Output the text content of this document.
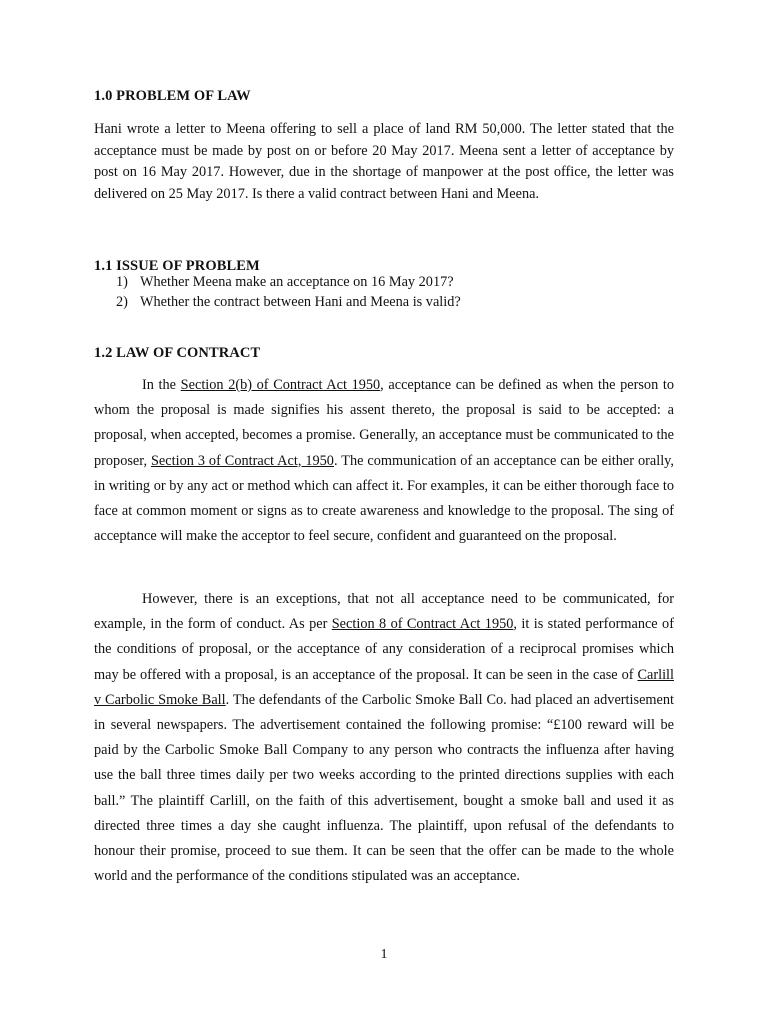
1.0 PROBLEM OF LAW

Hani wrote a letter to Meena offering to sell a place of land RM 50,000. The letter stated that the acceptance must be made by post on or before 20 May 2017. Meena sent a letter of acceptance by post on 16 May 2017. However, due in the shortage of manpower at the post office, the letter was delivered on 25 May 2017. Is there a valid contract between Hani and Meena.

1.1 ISSUE OF PROBLEM
1) Whether Meena make an acceptance on 16 May 2017?
2) Whether the contract between Hani and Meena is valid?
1.2 LAW OF CONTRACT

In the Section 2(b) of Contract Act 1950, acceptance can be defined as when the person to whom the proposal is made signifies his assent thereto, the proposal is said to be accepted: a proposal, when accepted, becomes a promise. Generally, an acceptance must be communicated to the proposer, Section 3 of Contract Act, 1950. The communication of an acceptance can be either orally, in writing or by any act or method which can affect it. For examples, it can be either thorough face to face at common moment or signs as to create awareness and knowledge to the proposal. The sing of acceptance will make the acceptor to feel secure, confident and guaranteed on the proposal.

However, there is an exceptions, that not all acceptance need to be communicated, for example, in the form of conduct. As per Section 8 of Contract Act 1950, it is stated performance of the conditions of proposal, or the acceptance of any consideration of a reciprocal promises which may be offered with a proposal, is an acceptance of the proposal. It can be seen in the case of Carlill v Carbolic Smoke Ball. The defendants of the Carbolic Smoke Ball Co. had placed an advertisement in several newspapers. The advertisement contained the following promise: “£100 reward will be paid by the Carbolic Smoke Ball Company to any person who contracts the influenza after having use the ball three times daily per two weeks according to the printed directions supplies with each ball.” The plaintiff Carlill, on the faith of this advertisement, bought a smoke ball and used it as directed three times a day she caught influenza. The plaintiff, upon refusal of the defendants to honour their promise, proceed to sue them. It can be seen that the offer can be made to the whole world and the performance of the conditions stipulated was an acceptance.

1
